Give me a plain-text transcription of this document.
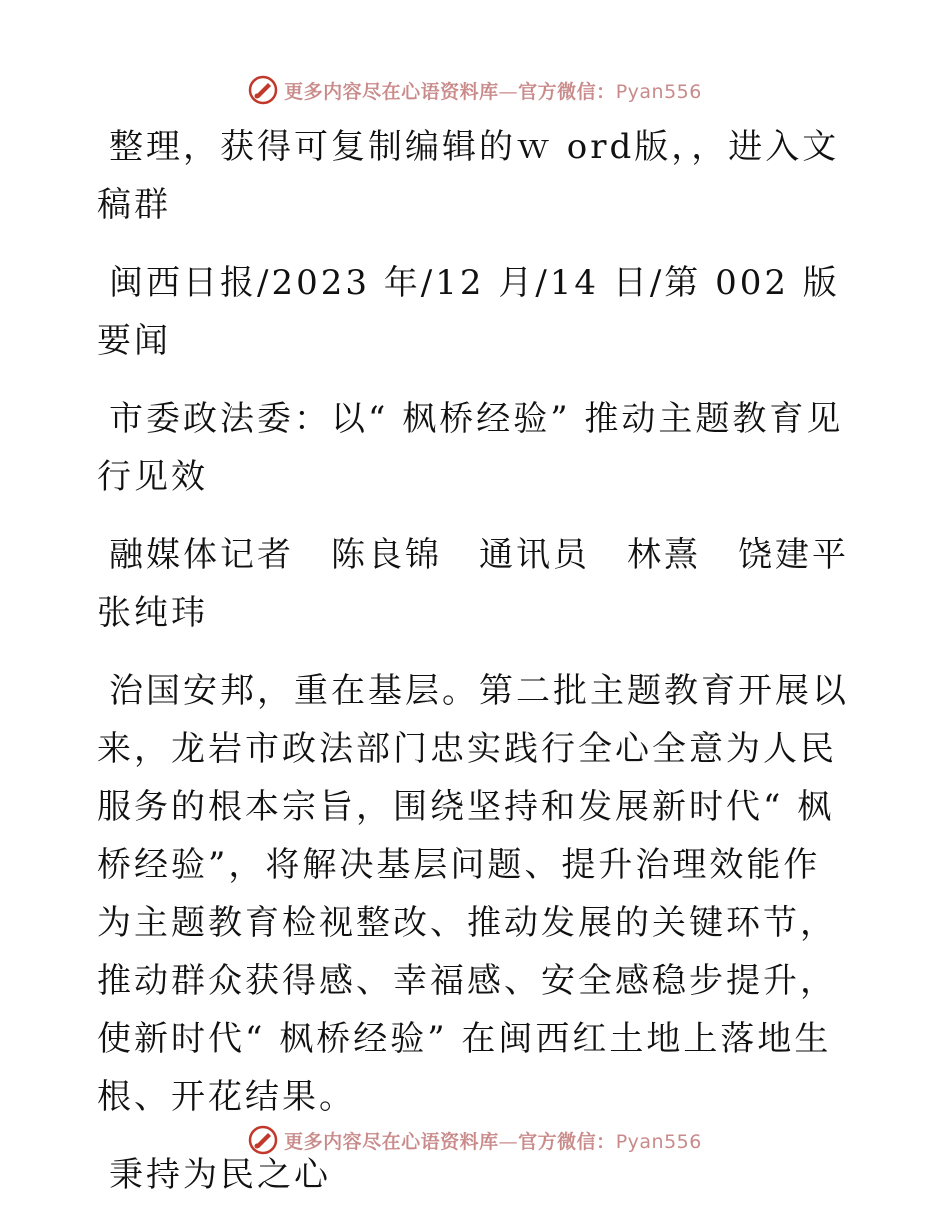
更多内容尽在心语资料库—官方微信：Pyan556

整理，获得可复制编辑的ｗ ord版，，进入文稿群

闽西日报/2023 年/12 月/14 日/第 002 版要闻

市委政法委：以“ 枫桥经验” 推动主题教育见行见效

融媒体记者　陈良锦　通讯员　林熹　饶建平　张纯玮

治国安邦，重在基层。第二批主题教育开展以来，龙岩市政法部门忠实践行全心全意为人民服务的根本宗旨，围绕坚持和发展新时代“ 枫桥经验”，将解决基层问题、提升治理效能作为主题教育检视整改、推动发展的关键环节，推动群众获得感、幸福感、安全感稳步提升，使新时代“ 枫桥经验” 在闽西红土地上落地生根、开花结果。

秉持为民之心

更多内容尽在心语资料库—官方微信：Pyan556
